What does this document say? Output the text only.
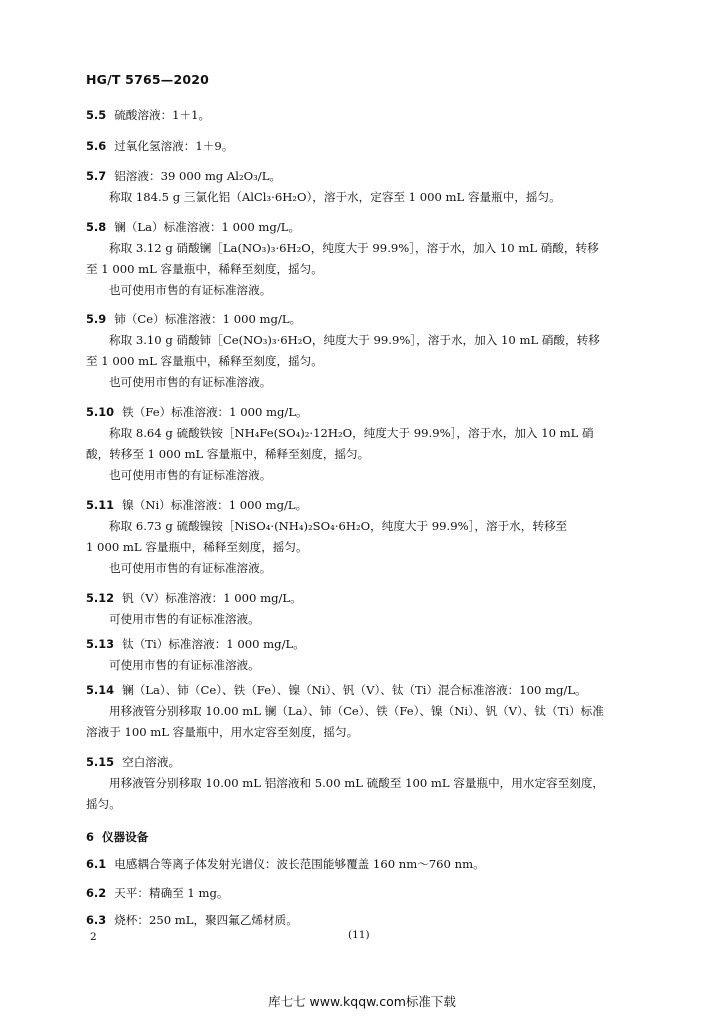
HG/T 5765—2020
5.5 硫酸溶液：1＋1。
5.6 过氧化氢溶液：1＋9。
5.7 铝溶液：39 000 mg Al₂O₃/L。
称取 184.5 g 三氯化铝（AlCl₃·6H₂O），溶于水，定容至 1 000 mL 容量瓶中，摇匀。
5.8 镧（La）标准溶液：1 000 mg/L。
称取 3.12 g 硝酸镧［La(NO₃)₃·6H₂O，纯度大于 99.9%］，溶于水，加入 10 mL 硝酸，转移
至 1 000 mL 容量瓶中，稀释至刻度，摇匀。
也可使用市售的有证标准溶液。
5.9 铈（Ce）标准溶液：1 000 mg/L。
称取 3.10 g 硝酸铈［Ce(NO₃)₃·6H₂O，纯度大于 99.9%］，溶于水，加入 10 mL 硝酸，转移
至 1 000 mL 容量瓶中，稀释至刻度，摇匀。
也可使用市售的有证标准溶液。
5.10 铁（Fe）标准溶液：1 000 mg/L。
称取 8.64 g 硫酸铁铵［NH₄Fe(SO₄)₂·12H₂O，纯度大于 99.9%］，溶于水，加入 10 mL 硝
酸，转移至 1 000 mL 容量瓶中，稀释至刻度，摇匀。
也可使用市售的有证标准溶液。
5.11 镍（Ni）标准溶液：1 000 mg/L。
称取 6.73 g 硫酸镍铵［NiSO₄·(NH₄)₂SO₄·6H₂O，纯度大于 99.9%］，溶于水，转移至
1 000 mL 容量瓶中，稀释至刻度，摇匀。
也可使用市售的有证标准溶液。
5.12 钒（V）标准溶液：1 000 mg/L。
可使用市售的有证标准溶液。
5.13 钛（Ti）标准溶液：1 000 mg/L。
可使用市售的有证标准溶液。
5.14 镧（La）、铈（Ce）、铁（Fe）、镍（Ni）、钒（V）、钛（Ti）混合标准溶液：100 mg/L。
用移液管分别移取 10.00 mL 镧（La）、铈（Ce）、铁（Fe）、镍（Ni）、钒（V）、钛（Ti）标准
溶液于 100 mL 容量瓶中，用水定容至刻度，摇匀。
5.15 空白溶液。
用移液管分别移取 10.00 mL 铝溶液和 5.00 mL 硫酸至 100 mL 容量瓶中，用水定容至刻度，
摇匀。
6 仪器设备
6.1 电感耦合等离子体发射光谱仪：波长范围能够覆盖 160 nm～760 nm。
6.2 天平：精确至 1 mg。
6.3 烧杯：250 mL，聚四氟乙烯材质。
2	(11)
库七七 www.kqqw.com标准下载
